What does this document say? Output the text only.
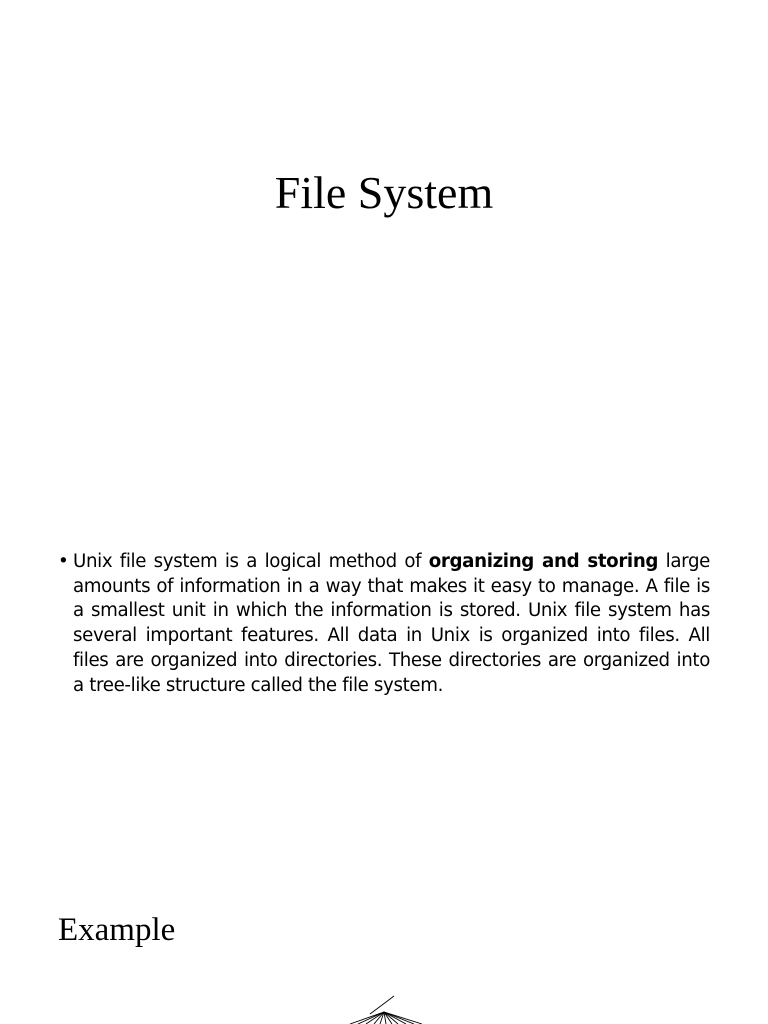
File System
• Unix file system is a logical method of organizing and storing large amounts of information in a way that makes it easy to manage. A file is a smallest unit in which the information is stored. Unix file system has several important features. All data in Unix is organized into files. All files are organized into directories. These directories are organized into a tree-like structure called the file system.
Example
